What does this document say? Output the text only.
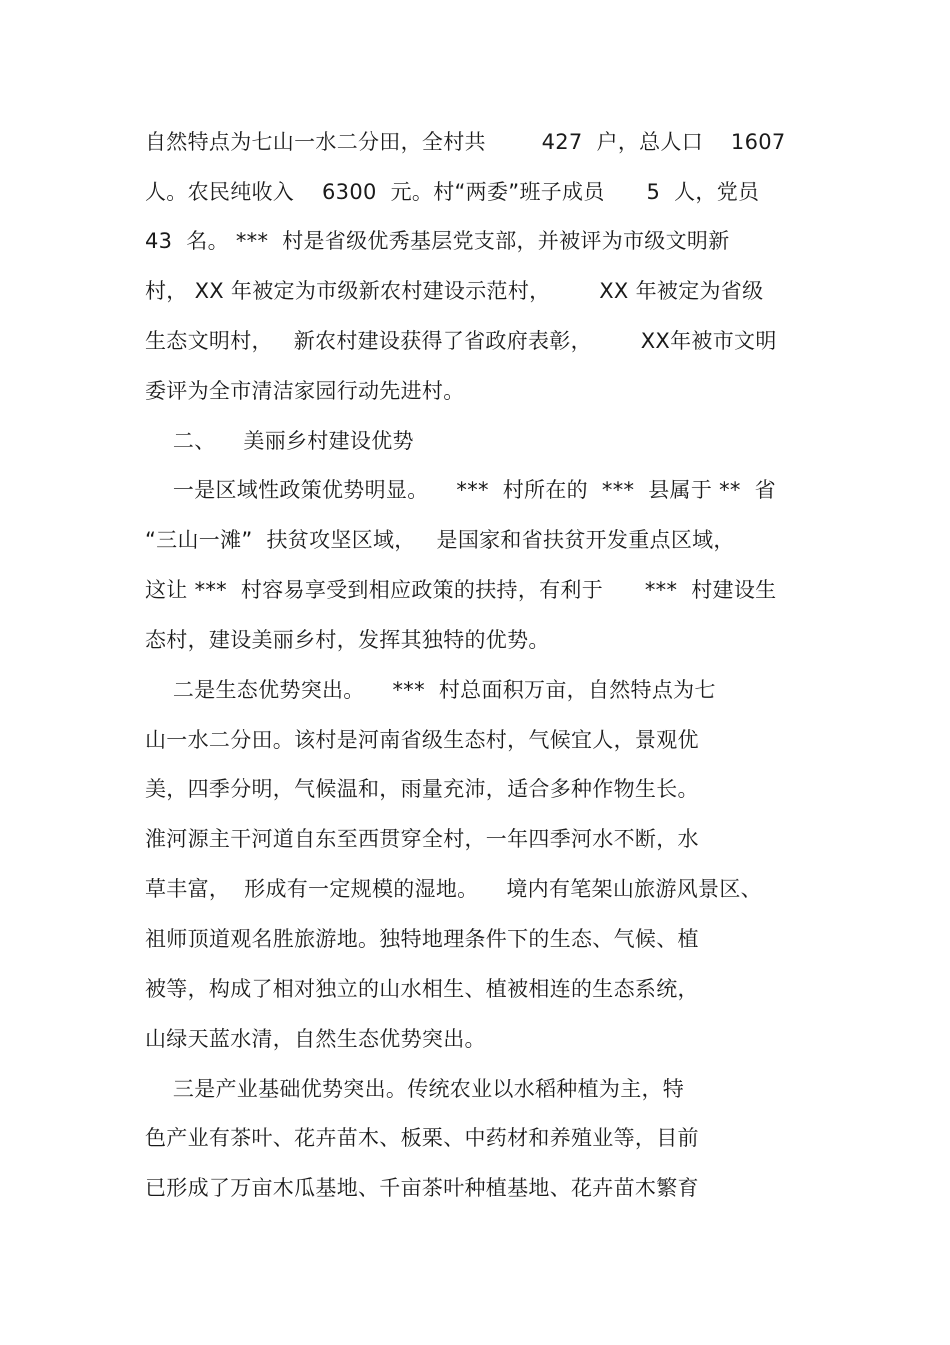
自然特点为七山一水二分田，全村共        427  户，总人口    1607
人。农民纯收入    6300  元。村“两委”班子成员      5  人，党员
43  名。 ***  村是省级优秀基层党支部，并被评为市级文明新
村， XX 年被定为市级新农村建设示范村，       XX 年被定为省级
生态文明村，   新农村建设获得了省政府表彰，       XX年被市文明
委评为全市清洁家园行动先进村。
二、    美丽乡村建设优势
一是区域性政策优势明显。    ***  村所在的  ***  县属于 **  省
“三山一滩”  扶贫攻坚区域，   是国家和省扶贫开发重点区域，
这让 ***  村容易享受到相应政策的扶持，有利于      ***  村建设生
态村，建设美丽乡村，发挥其独特的优势。
二是生态优势突出。    ***  村总面积万亩，自然特点为七
山一水二分田。该村是河南省级生态村，气候宜人，景观优
美，四季分明，气候温和，雨量充沛，适合多种作物生长。
淮河源主干河道自东至西贯穿全村，一年四季河水不断，水
草丰富，  形成有一定规模的湿地。    境内有笔架山旅游风景区、
祖师顶道观名胜旅游地。独特地理条件下的生态、气候、植
被等，构成了相对独立的山水相生、植被相连的生态系统，
山绿天蓝水清，自然生态优势突出。
三是产业基础优势突出。传统农业以水稻种植为主，特
色产业有茶叶、花卉苗木、板栗、中药材和养殖业等，目前
已形成了万亩木瓜基地、千亩茶叶种植基地、花卉苗木繁育
